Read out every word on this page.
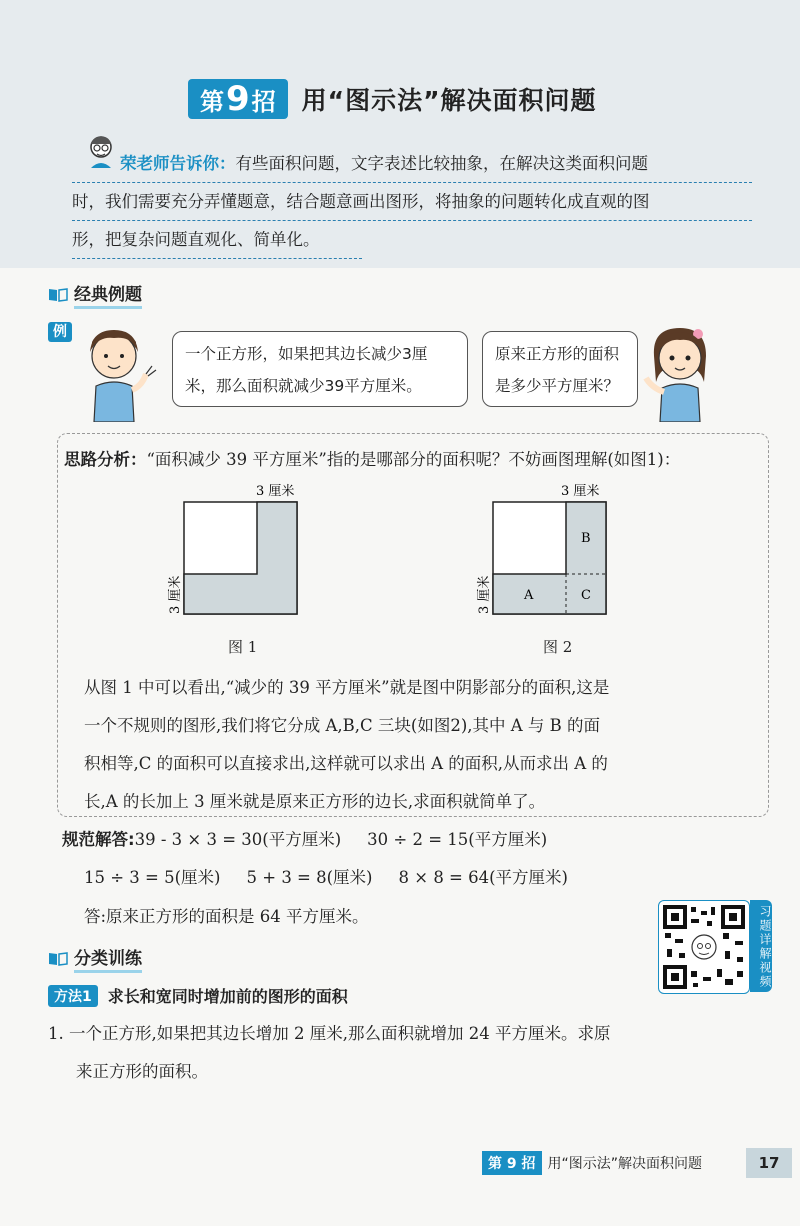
第9招	用“图示法”解决面积问题
荣老师告诉你：有些面积问题，文字表述比较抽象，在解决这类面积问题
时，我们需要充分弄懂题意，结合题意画出图形，将抽象的问题转化成直观的图
形，把复杂问题直观化、简单化。
经典例题
例
一个正方形，如果把其边长减少3厘
米，那么面积就减少39平方厘米。
原来正方形的面积
是多少平方厘米？
思路分析：“面积减少 39 平方厘米”指的是哪部分的面积呢？不妨画图理解(如图1)：
3 厘米
3 厘米
图 1
3 厘米
3 厘米 A
B
C
图 2
从图 1 中可以看出,“减少的 39 平方厘米”就是图中阴影部分的面积,这是
一个不规则的图形,我们将它分成 A,B,C 三块(如图2),其中 A 与 B 的面
积相等,C 的面积可以直接求出,这样就可以求出 A 的面积,从而求出 A 的
长,A 的长加上 3 厘米就是原来正方形的边长,求面积就简单了。
规范解答:39 - 3 × 3 = 30(平方厘米) 30 ÷ 2 = 15(平方厘米)
15 ÷ 3 = 5(厘米) 5 + 3 = 8(厘米) 8 × 8 = 64(平方厘米)
答:原来正方形的面积是 64 平方厘米。	习题详解视频
分类训练
方法1	求长和宽同时增加前的图形的面积
1. 一个正方形,如果把其边长增加 2 厘米,那么面积就增加 24 平方厘米。求原
来正方形的面积。
第 9 招 用“图示法”解决面积问题	17
